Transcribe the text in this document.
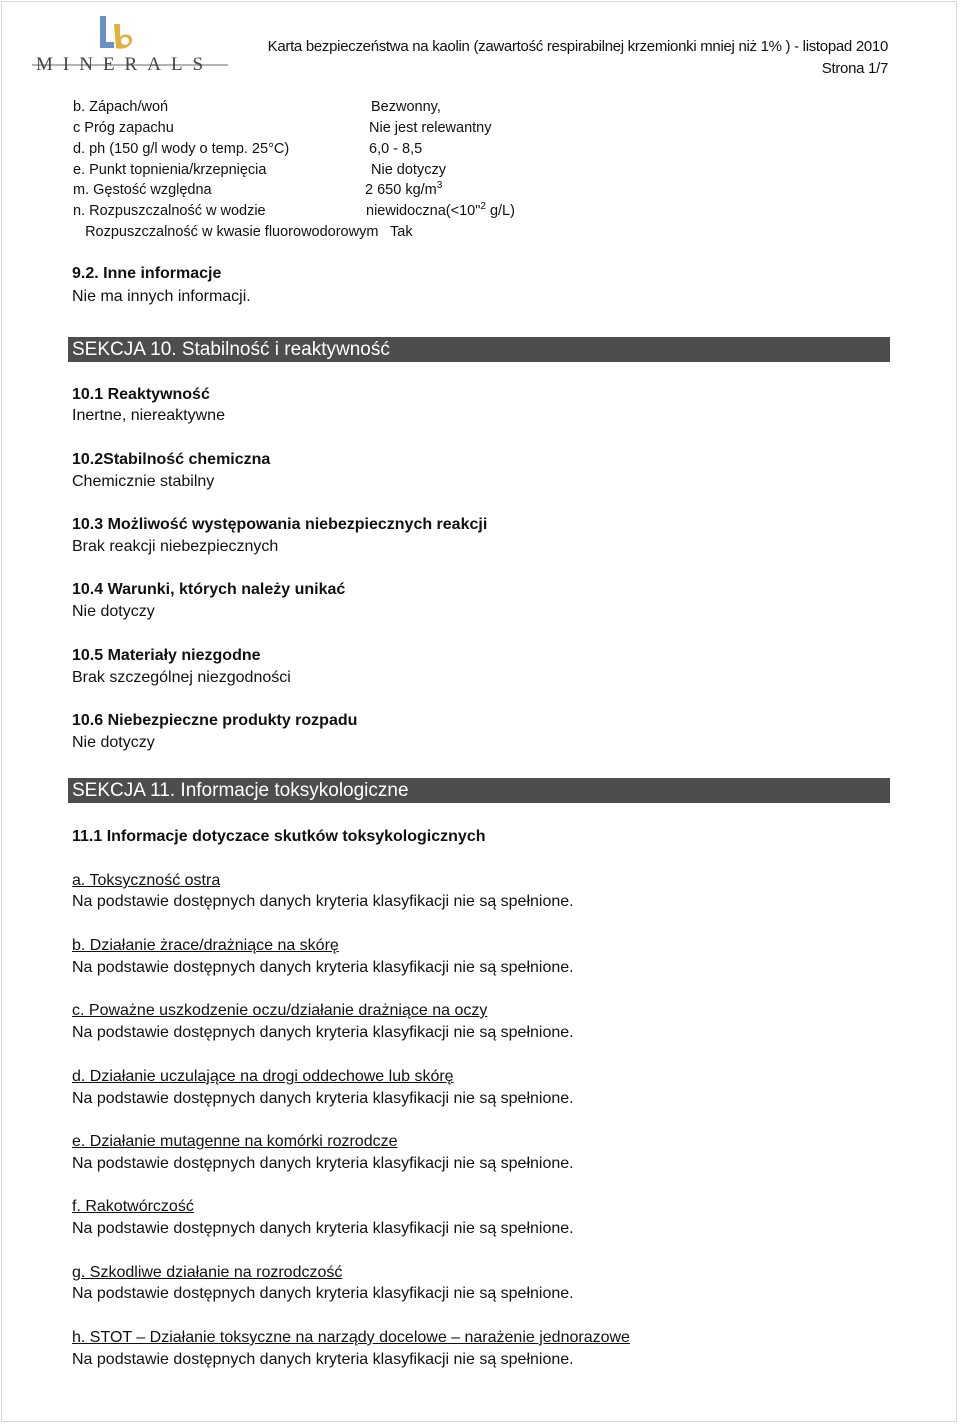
MINERALS
Karta bezpieczeństwa na kaolin (zawartość respirabilnej krzemionki mniej niż 1% ) - listopad 2010
Strona 1/7
b. Zápach/woń	Bezwonny,
c Próg zapachu	Nie jest relewantny
d. ph (150 g/l wody o temp. 25°C)	6,0 - 8,5
e. Punkt topnienia/krzepnięcia	Nie dotyczy
m. Gęstość względna	2 650 $kg/m^3$
n. Rozpuszczalność w wodzie	niewidoczna(<10"$^2$ g/L)
Rozpuszczalność w kwasie fluorowodorowym Tak
9.2. Inne informacje
Nie ma innych informacji.
SEKCJA 10. Stabilność i reaktywność
10.1 Reaktywność
Inertne, niereaktywne
10.2Stabilność chemiczna
Chemicznie stabilny
10.3 Możliwość występowania niebezpiecznych reakcji
Brak reakcji niebezpiecznych
10.4 Warunki, których należy unikać
Nie dotyczy
10.5 Materiały niezgodne
Brak szczególnej niezgodności
10.6 Niebezpieczne produkty rozpadu
Nie dotyczy
SEKCJA 11. Informacje toksykologiczne
11.1 Informacje dotyczace skutków toksykologicznych
a. Toksyczność ostra
Na podstawie dostępnych danych kryteria klasyfikacji nie są spełnione.
b. Działanie żrace/drażniące na skórę
Na podstawie dostępnych danych kryteria klasyfikacji nie są spełnione.
c. Poważne uszkodzenie oczu/działanie drażniące na oczy
Na podstawie dostępnych danych kryteria klasyfikacji nie są spełnione.
d. Działanie uczulające na drogi oddechowe lub skórę
Na podstawie dostępnych danych kryteria klasyfikacji nie są spełnione.
e. Działanie mutagenne na komórki rozrodcze
Na podstawie dostępnych danych kryteria klasyfikacji nie są spełnione.
f. Rakotwórczość
Na podstawie dostępnych danych kryteria klasyfikacji nie są spełnione.
g. Szkodliwe działanie na rozrodczość
Na podstawie dostępnych danych kryteria klasyfikacji nie są spełnione.
h. STOT – Działanie toksyczne na narządy docelowe – narażenie jednorazowe
Na podstawie dostępnych danych kryteria klasyfikacji nie są spełnione.
